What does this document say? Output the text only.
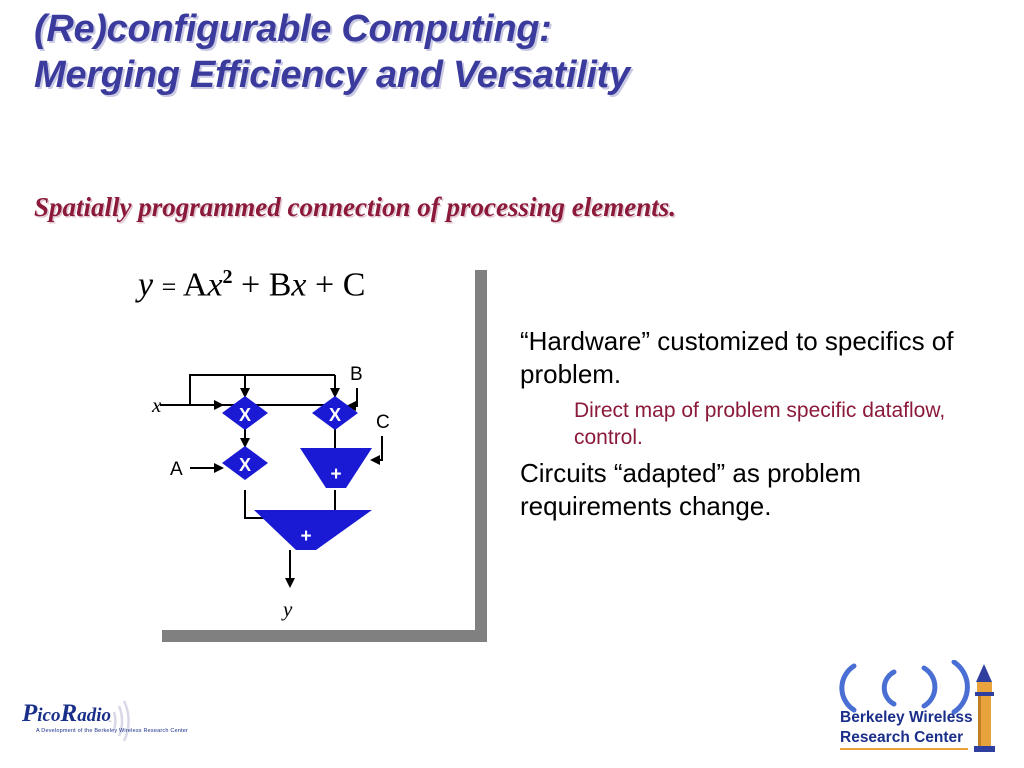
(Re)configurable Computing:
Merging Efficiency and Versatility
Spatially programmed connection of processing elements.
$y = Ax^2 + Bx + C$
X	X
X	+
+
x
A
B
C
y
“Hardware” customized to specifics of problem.
Direct map of problem specific dataflow, control.
Circuits “adapted” as problem requirements change.
PicoRadio
A Development of the Berkeley Wireless Research Center
Berkeley Wireless
Research Center
